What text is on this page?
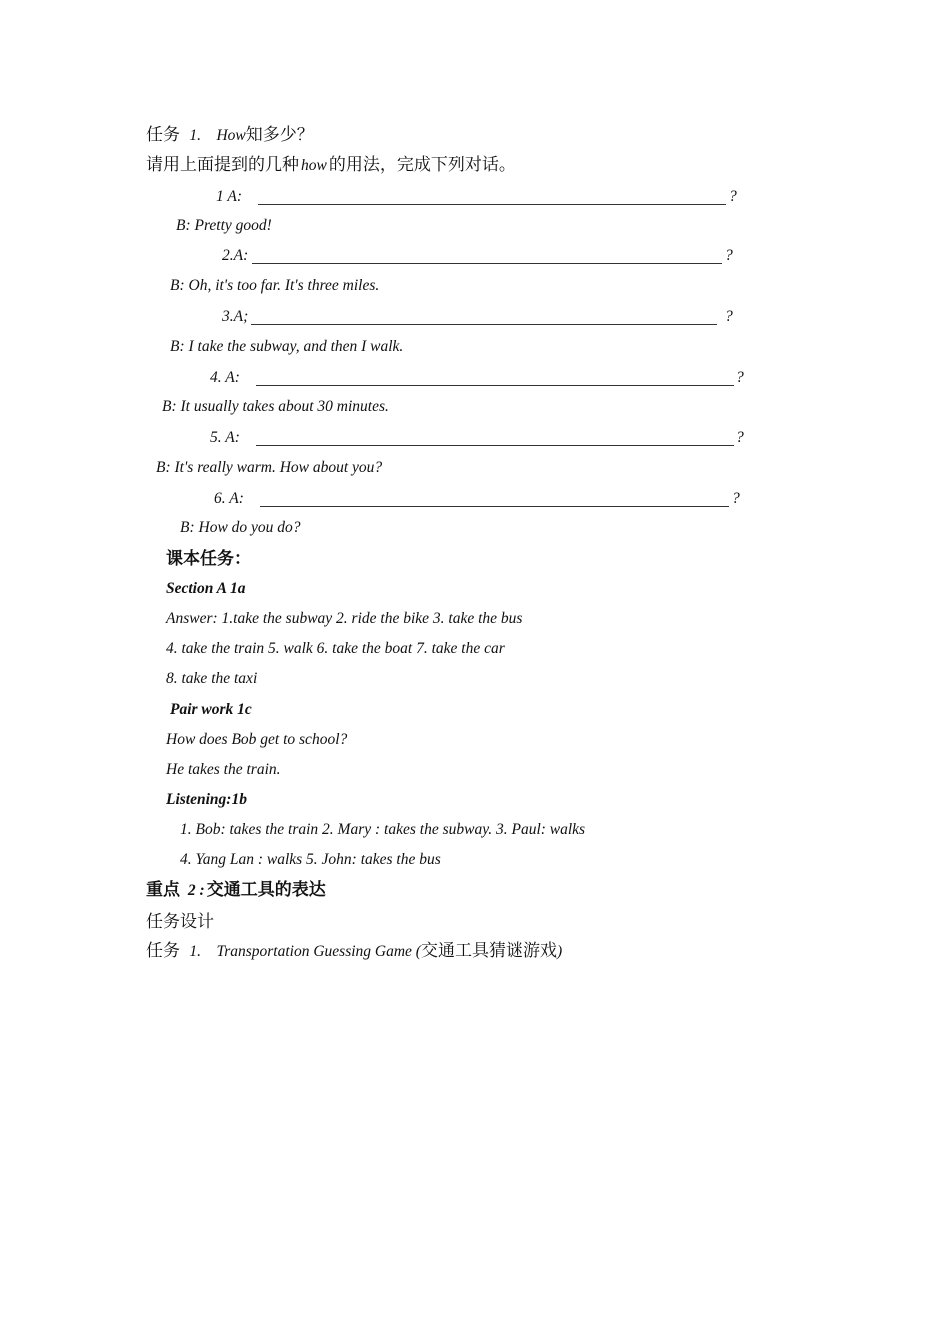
任务 1. How知多少？
请用上面提到的几种 how 的用法，完成下列对话。
1 A:	?
B: Pretty good!
2.A:	?
B: Oh, it's too far. It's three miles.
3.A;	?
B: I take the subway, and then I walk.
4. A:	?
B: It usually takes about 30 minutes.
5. A:	?
B: It's really warm. How about you?
6. A:	?
B: How do you do?
课本任务：
Section A 1a
Answer: 1.take the subway 2. ride the bike 3. take the bus
4. take the train 5. walk 6. take the boat 7. take the car
8. take the taxi
Pair work 1c
How does Bob get to school?
He takes the train.
Listening:1b
1. Bob: takes the train 2. Mary : takes the subway. 3. Paul: walks
4. Yang Lan : walks 5. John: takes the bus
重点 2 : 交通工具的表达
任务设计
任务 1. Transportation Guessing Game (交通工具猜谜游戏)
